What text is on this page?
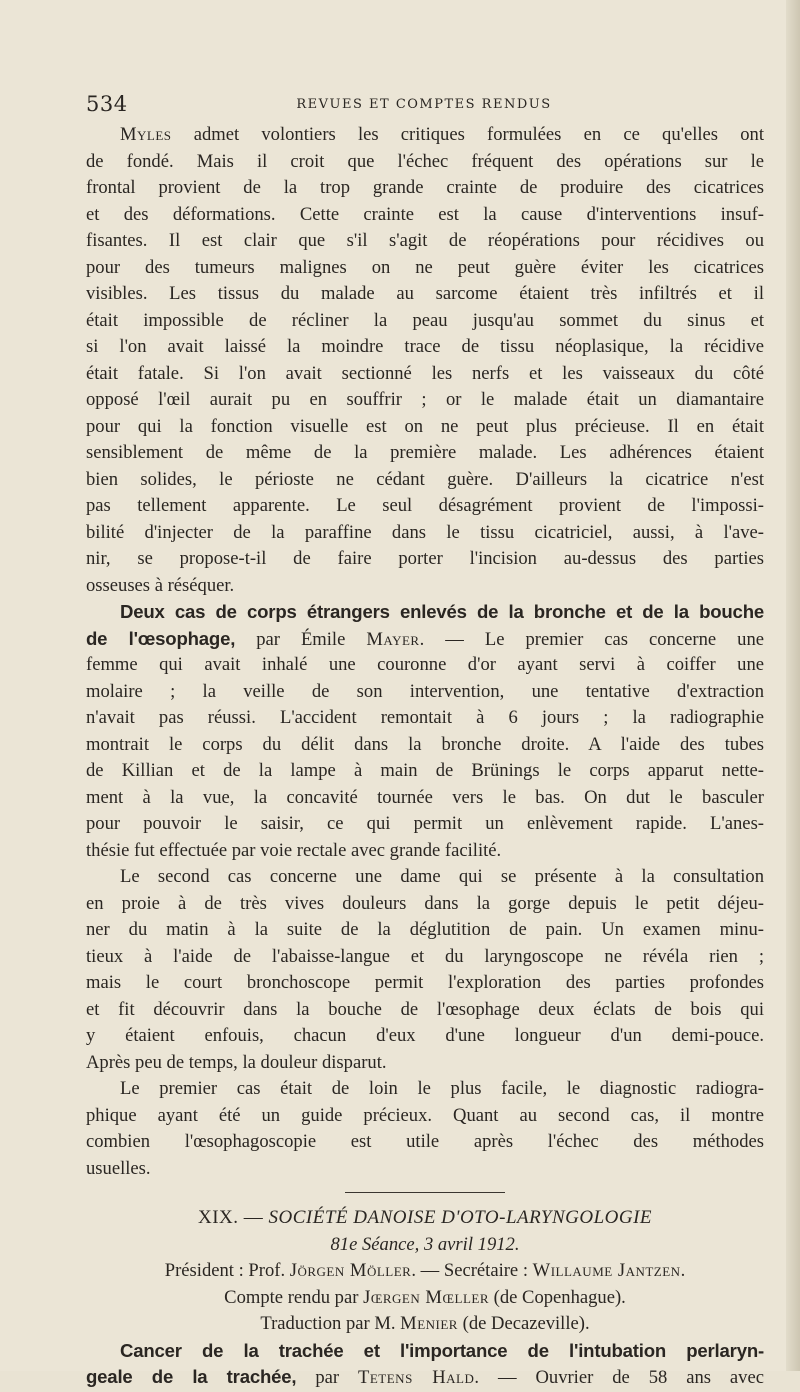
534	REVUES ET COMPTES RENDUS
Myles admet volontiers les critiques formulées en ce qu'elles ont
de fondé. Mais il croit que l'échec fréquent des opérations sur le
frontal provient de la trop grande crainte de produire des cicatrices
et des déformations. Cette crainte est la cause d'interventions insuf-
fisantes. Il est clair que s'il s'agit de réopérations pour récidives ou
pour des tumeurs malignes on ne peut guère éviter les cicatrices
visibles. Les tissus du malade au sarcome étaient très infiltrés et il
était impossible de récliner la peau jusqu'au sommet du sinus et
si l'on avait laissé la moindre trace de tissu néoplasique, la récidive
était fatale. Si l'on avait sectionné les nerfs et les vaisseaux du côté
opposé l'œil aurait pu en souffrir ; or le malade était un diamantaire
pour qui la fonction visuelle est on ne peut plus précieuse. Il en était
sensiblement de même de la première malade. Les adhérences étaient
bien solides, le périoste ne cédant guère. D'ailleurs la cicatrice n'est
pas tellement apparente. Le seul désagrément provient de l'impossi-
bilité d'injecter de la paraffine dans le tissu cicatriciel, aussi, à l'ave-
nir, se propose-t-il de faire porter l'incision au-dessus des parties
osseuses à réséquer.
Deux cas de corps étrangers enlevés de la bronche et de la bouche
de l'œsophage, par Émile Mayer. — Le premier cas concerne une
femme qui avait inhalé une couronne d'or ayant servi à coiffer une
molaire ; la veille de son intervention, une tentative d'extraction
n'avait pas réussi. L'accident remontait à 6 jours ; la radiographie
montrait le corps du délit dans la bronche droite. A l'aide des tubes
de Killian et de la lampe à main de Brünings le corps apparut nette-
ment à la vue, la concavité tournée vers le bas. On dut le basculer
pour pouvoir le saisir, ce qui permit un enlèvement rapide. L'anes-
thésie fut effectuée par voie rectale avec grande facilité.
Le second cas concerne une dame qui se présente à la consultation
en proie à de très vives douleurs dans la gorge depuis le petit déjeu-
ner du matin à la suite de la déglutition de pain. Un examen minu-
tieux à l'aide de l'abaisse-langue et du laryngoscope ne révéla rien ;
mais le court bronchoscope permit l'exploration des parties profondes
et fit découvrir dans la bouche de l'œsophage deux éclats de bois qui
y étaient enfouis, chacun d'eux d'une longueur d'un demi-pouce.
Après peu de temps, la douleur disparut.
Le premier cas était de loin le plus facile, le diagnostic radiogra-
phique ayant été un guide précieux. Quant au second cas, il montre
combien l'œsophagoscopie est utile après l'échec des méthodes
usuelles.
XIX. — SOCIÉTÉ DANOISE D'OTO-LARYNGOLOGIE
81e Séance, 3 avril 1912.
Président : Prof. Jörgen Möller. — Secrétaire : Willaume Jantzen.
Compte rendu par Jœrgen Mœller (de Copenhague).
Traduction par M. Menier (de Decazeville).
Cancer de la trachée et l'importance de l'intubation perlaryn-
geale de la trachée, par Tetens Hald. — Ouvrier de 58 ans avec
